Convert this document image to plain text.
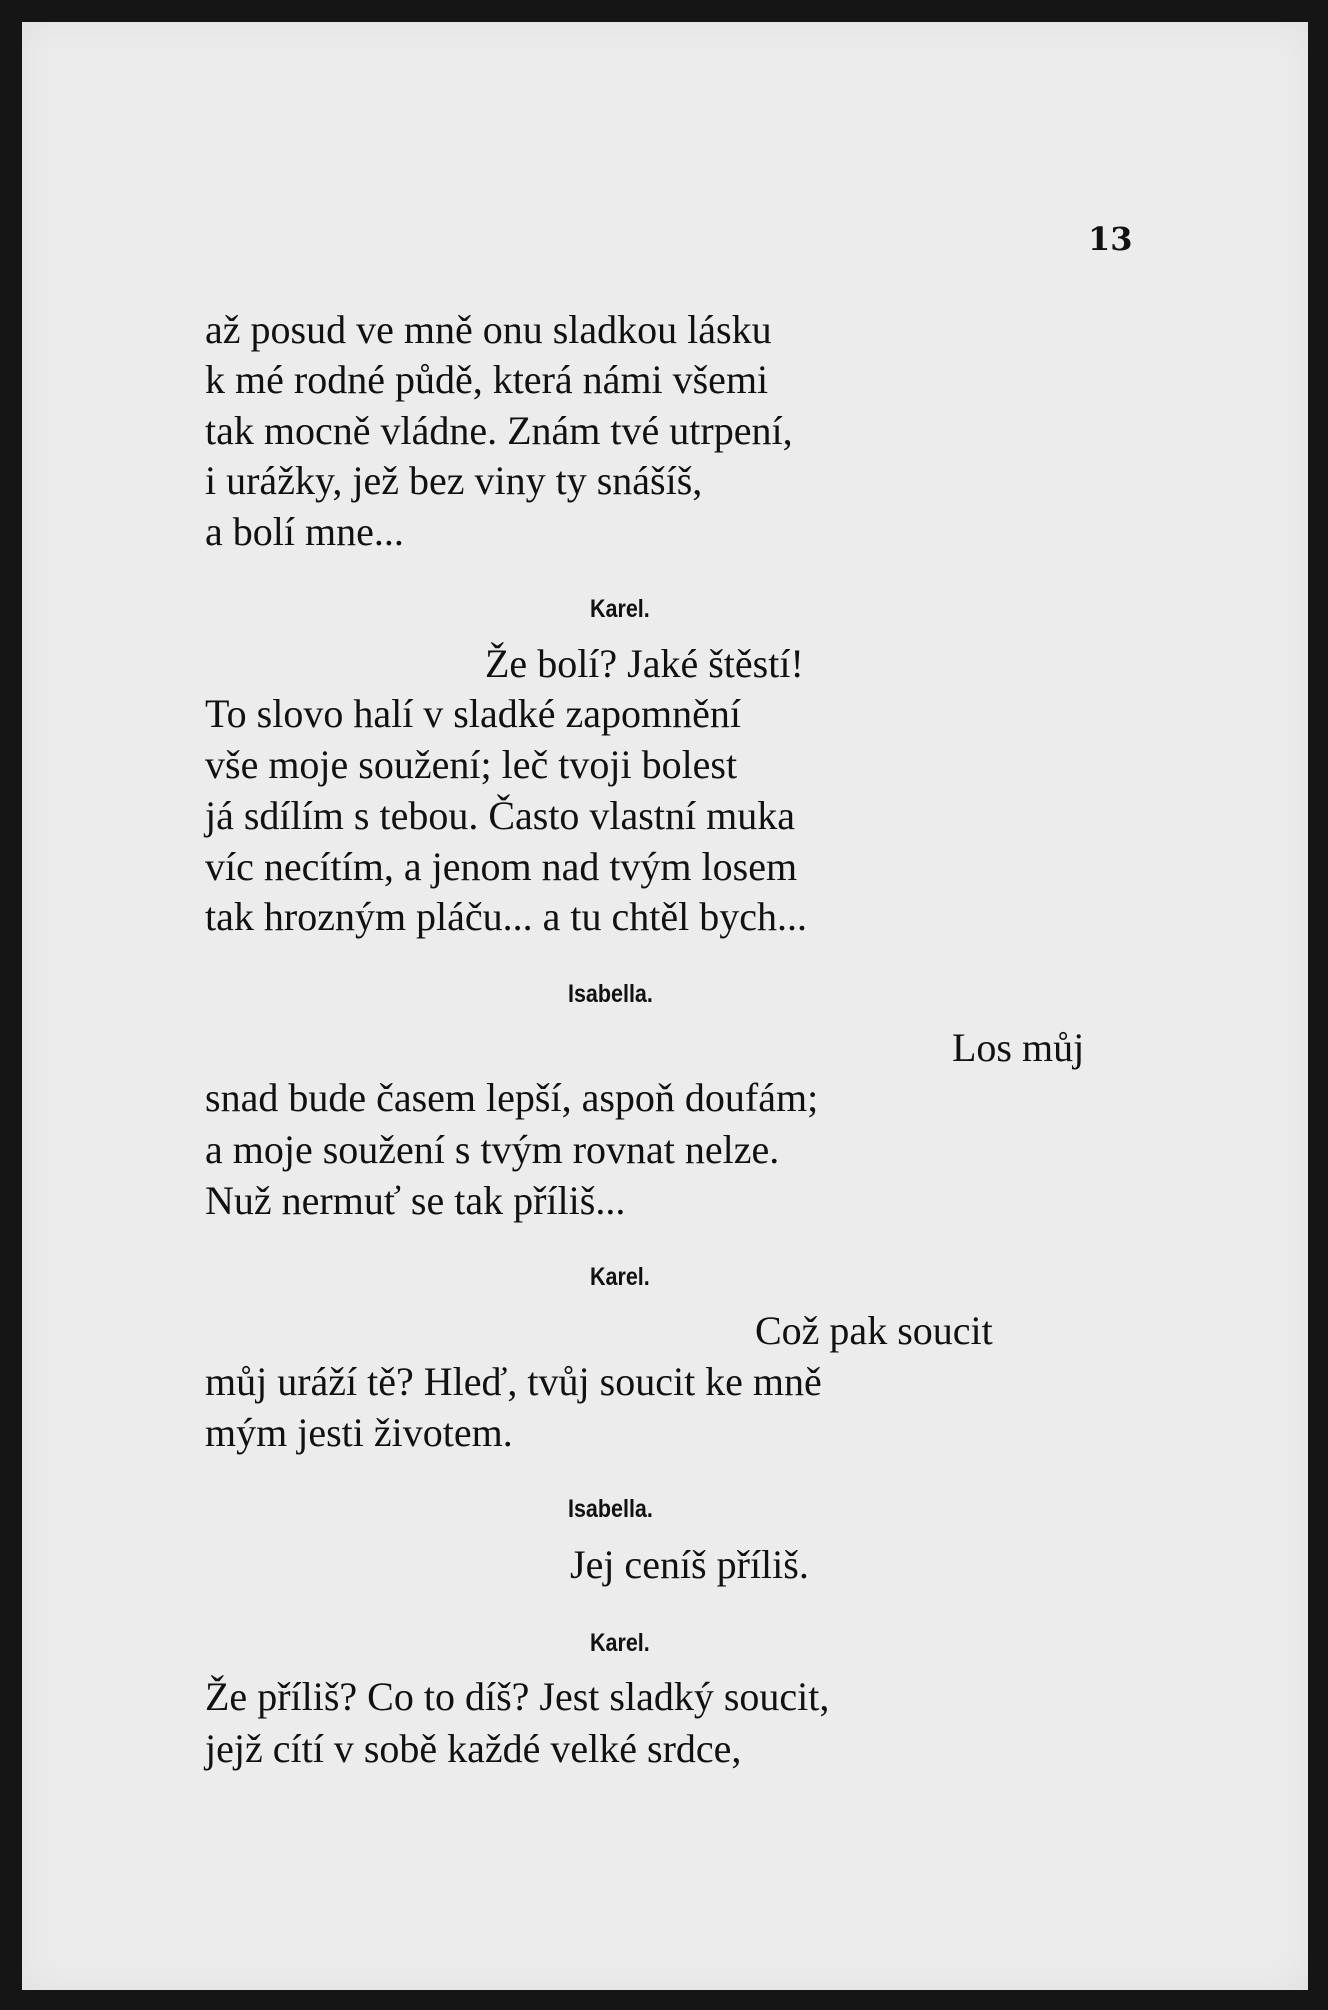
13
až posud ve mně onu sladkou lásku
k mé rodné půdě, která námi všemi
tak mocně vládne. Znám tvé utrpení,
i urážky, jež bez viny ty snášíš,
a bolí mne...
Karel.
Že bolí? Jaké štěstí!
To slovo halí v sladké zapomnění
vše moje soužení; leč tvoji bolest
já sdílím s tebou. Často vlastní muka
víc necítím, a jenom nad tvým losem
tak hrozným pláču... a tu chtěl bych...
Isabella.
Los můj
snad bude časem lepší, aspoň doufám;
a moje soužení s tvým rovnat nelze.
Nuž nermuť se tak příliš...
Karel.
Což pak soucit
můj uráží tě? Hleď, tvůj soucit ke mně
mým jesti životem.
Isabella.
Jej ceníš příliš.
Karel.
Že příliš? Co to díš? Jest sladký soucit,
jejž cítí v sobě každé velké srdce,
